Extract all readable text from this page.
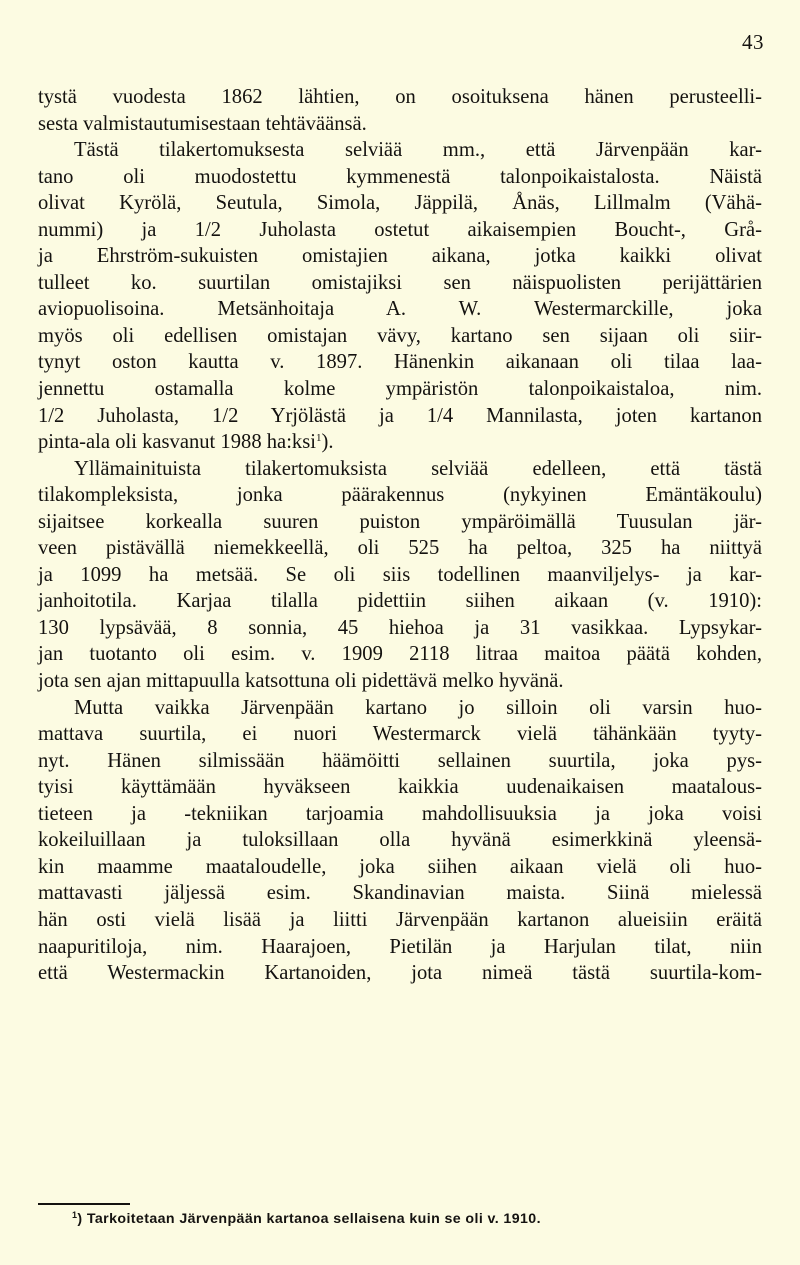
43
tystä vuodesta 1862 lähtien, on osoituksena hänen perusteelli-
sesta valmistautumisestaan tehtäväänsä.
Tästä tilakertomuksesta selviää mm., että Järvenpään kar-
tano oli muodostettu kymmenestä talonpoikaistalosta. Näistä
olivat Kyrölä, Seutula, Simola, Jäppilä, Ånäs, Lillmalm (Vähä-
nummi) ja 1/2 Juholasta ostetut aikaisempien Boucht-, Grå-
ja Ehrström-sukuisten omistajien aikana, jotka kaikki olivat
tulleet ko. suurtilan omistajiksi sen näispuolisten perijättärien
aviopuolisoina. Metsänhoitaja A. W. Westermarckille, joka
myös oli edellisen omistajan vävy, kartano sen sijaan oli siir-
tynyt oston kautta v. 1897. Hänenkin aikanaan oli tilaa laa-
jennettu ostamalla kolme ympäristön talonpoikaistaloa, nim.
1/2 Juholasta, 1/2 Yrjölästä ja 1/4 Mannilasta, joten kartanon
pinta-ala oli kasvanut 1988 ha:ksi$^1$).
Yllämainituista tilakertomuksista selviää edelleen, että tästä
tilakompleksista, jonka päärakennus (nykyinen Emäntäkoulu)
sijaitsee korkealla suuren puiston ympäröimällä Tuusulan jär-
veen pistävällä niemekkeellä, oli 525 ha peltoa, 325 ha niittyä
ja 1099 ha metsää. Se oli siis todellinen maanviljelys- ja kar-
janhoitotila. Karjaa tilalla pidettiin siihen aikaan (v. 1910):
130 lypsävää, 8 sonnia, 45 hiehoa ja 31 vasikkaa. Lypsykar-
jan tuotanto oli esim. v. 1909 2118 litraa maitoa päätä kohden,
jota sen ajan mittapuulla katsottuna oli pidettävä melko hyvänä.
Mutta vaikka Järvenpään kartano jo silloin oli varsin huo-
mattava suurtila, ei nuori Westermarck vielä tähänkään tyyty-
nyt. Hänen silmissään häämöitti sellainen suurtila, joka pys-
tyisi käyttämään hyväkseen kaikkia uudenaikaisen maatalous-
tieteen ja -tekniikan tarjoamia mahdollisuuksia ja joka voisi
kokeiluillaan ja tuloksillaan olla hyvänä esimerkkinä yleensä-
kin maamme maataloudelle, joka siihen aikaan vielä oli huo-
mattavasti jäljessä esim. Skandinavian maista. Siinä mielessä
hän osti vielä lisää ja liitti Järvenpään kartanon alueisiin eräitä
naapuritiloja, nim. Haarajoen, Pietilän ja Harjulan tilat, niin
että Westermackin Kartanoiden, jota nimeä tästä suurtila-kom-
$^1$) Tarkoitetaan Järvenpään kartanoa sellaisena kuin se oli v. 1910.
